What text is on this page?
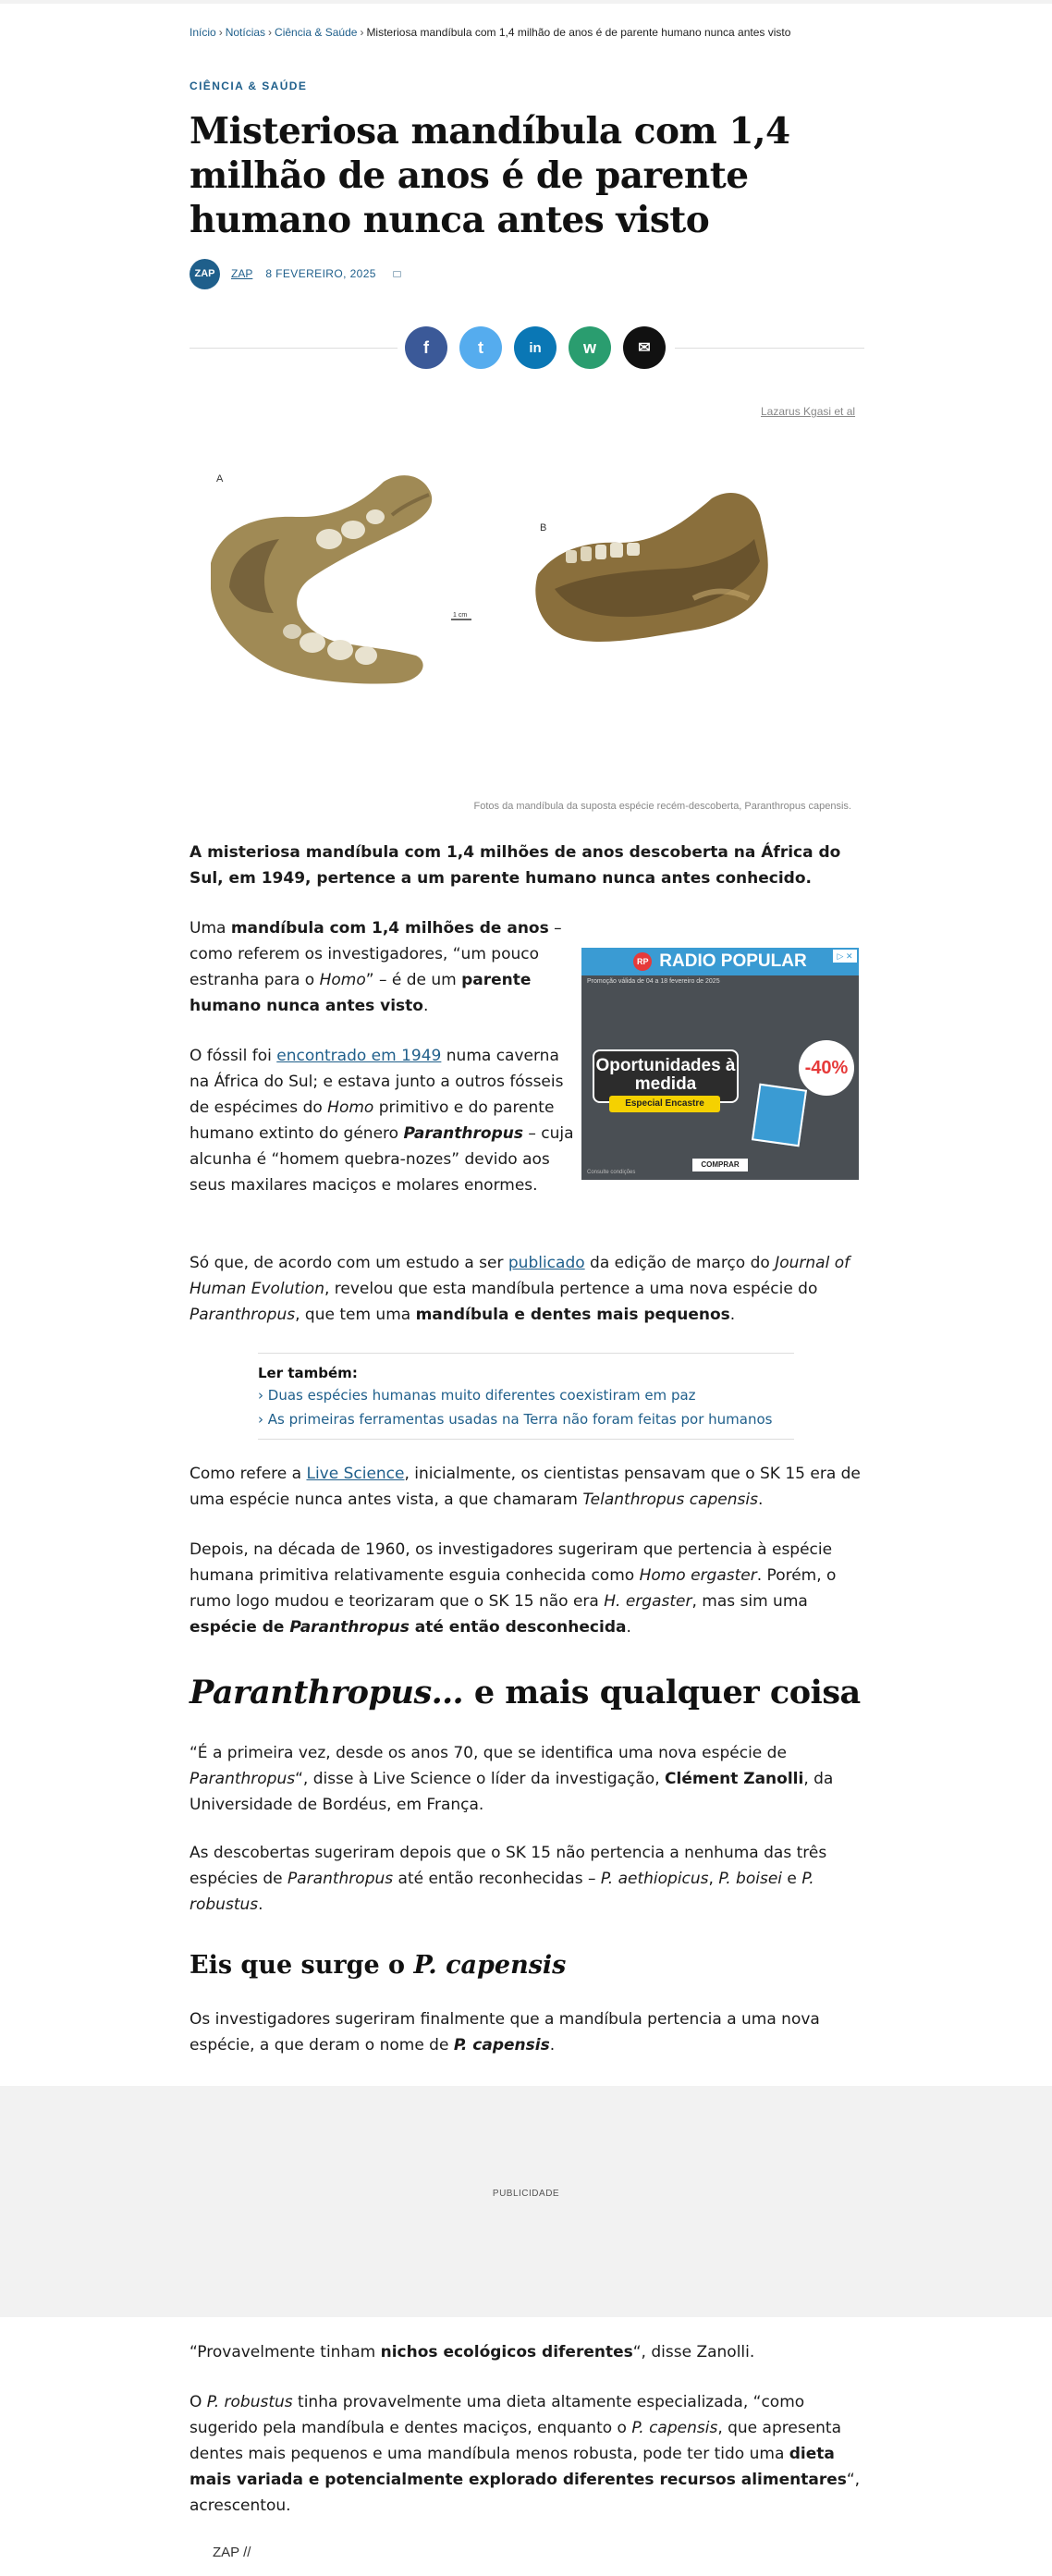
Início › Notícias › Ciência & Saúde › Misteriosa mandíbula com 1,4 milhão de anos é de parente humano nunca antes visto
CIÊNCIA & SAÚDE
Misteriosa mandíbula com 1,4 milhão de anos é de parente humano nunca antes visto
ZAP	ZAP 8 FEVEREIRO, 2025
f	t	in	w	✉
Lazarus Kgasi et al
A
B
1 cm
Fotos da mandíbula da suposta espécie recém-descoberta, Paranthropus capensis.

A misteriosa mandíbula com 1,4 milhões de anos descoberta na África do Sul, em 1949, pertence a um parente humano nunca antes conhecido.

Uma mandíbula com 1,4 milhões de anos – como referem os investigadores, “um pouco estranha para o Homo” – é de um parente humano nunca antes visto.

O fóssil foi encontrado em 1949 numa caverna na África do Sul; e estava junto a outros fósseis de espécimes do Homo primitivo e do parente humano extinto do género Paranthropus – cuja alcunha é “homem quebra-nozes” devido aos seus maxilares maciços e molares enormes.

RP RADIO POPULAR	▷ ✕
Promoção válida de 04 a 18 fevereiro de 2025
Oportunidades à medida
Especial Encastre
-40%
COMPRAR
Consulte condições

Só que, de acordo com um estudo a ser publicado da edição de março do Journal of Human Evolution, revelou que esta mandíbula pertence a uma nova espécie do Paranthropus, que tem uma mandíbula e dentes mais pequenos.

Ler também:
› Duas espécies humanas muito diferentes coexistiram em paz
› As primeiras ferramentas usadas na Terra não foram feitas por humanos

Como refere a Live Science, inicialmente, os cientistas pensavam que o SK 15 era de uma espécie nunca antes vista, a que chamaram Telanthropus capensis.

Depois, na década de 1960, os investigadores sugeriram que pertencia à espécie humana primitiva relativamente esguia conhecida como Homo ergaster. Porém, o rumo logo mudou e teorizaram que o SK 15 não era H. ergaster, mas sim uma espécie de Paranthropus até então desconhecida.

Paranthropus… e mais qualquer coisa

“É a primeira vez, desde os anos 70, que se identifica uma nova espécie de Paranthropus“, disse à Live Science o líder da investigação, Clément Zanolli, da Universidade de Bordéus, em França.

As descobertas sugeriram depois que o SK 15 não pertencia a nenhuma das três espécies de Paranthropus até então reconhecidas – P. aethiopicus, P. boisei e P. robustus.

Eis que surge o P. capensis

Os investigadores sugeriram finalmente que a mandíbula pertencia a uma nova espécie, a que deram o nome de P. capensis.

PUBLICIDADE

“Provavelmente tinham nichos ecológicos diferentes“, disse Zanolli.

O P. robustus tinha provavelmente uma dieta altamente especializada, “como sugerido pela mandíbula e dentes maciços, enquanto o P. capensis, que apresenta dentes mais pequenos e uma mandíbula menos robusta, pode ter tido uma dieta mais variada e potencialmente explorado diferentes recursos alimentares“, acrescentou.

ZAP //
